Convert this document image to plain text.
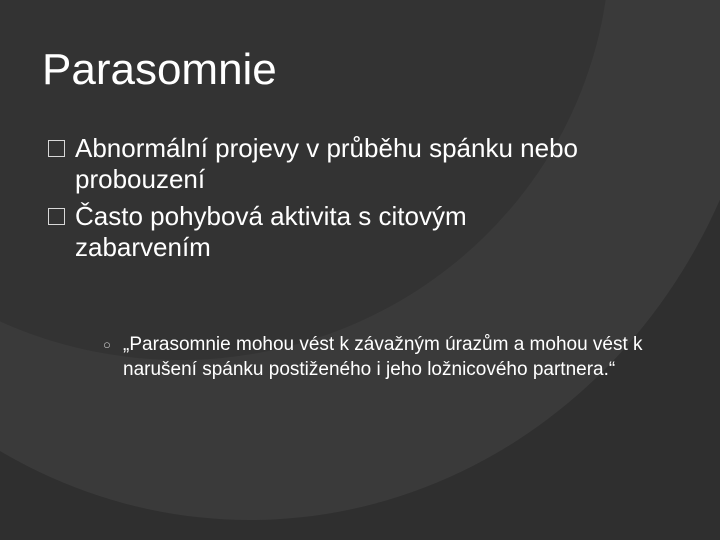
Parasomnie
Abnormální projevy v průběhu spánku nebo probouzení
Často pohybová aktivita s citovým zabarvením
○ „Parasomnie mohou vést k závažným úrazům a mohou vést k narušení spánku postiženého i jeho ložnicového partnera.“
